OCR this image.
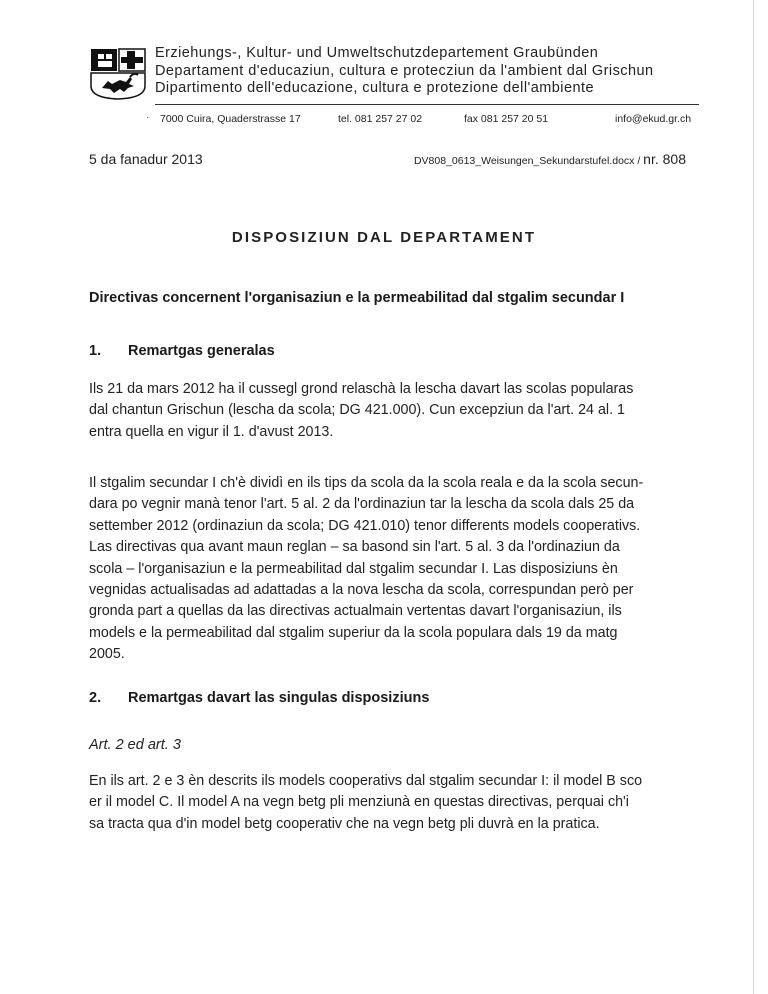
Erziehungs-, Kultur- und Umweltschutzdepartement Graubünden
Departament d'educaziun, cultura e protecziun da l'ambient dal Grischun
Dipartimento dell'educazione, cultura e protezione dell'ambiente
· 7000 Cuira, Quaderstrasse 17	tel. 081 257 27 02	fax 081 257 20 51	info@ekud.gr.ch
5 da fanadur 2013	DV808_0613_Weisungen_Sekundarstufel.docx / nr. 808
DISPOSIZIUN DAL DEPARTAMENT
Directivas concernent l'organisaziun e la permeabilitad dal stgalim secundar I
1. Remartgas generalas
Ils 21 da mars 2012 ha il cussegl grond relaschà la lescha davart las scolas popularas
dal chantun Grischun (lescha da scola; DG 421.000). Cun excepziun da l'art. 24 al. 1
entra quella en vigur il 1. d'avust 2013.
Il stgalim secundar I ch'è dividì en ils tips da scola da la scola reala e da la scola secun-
dara po vegnir manà tenor l'art. 5 al. 2 da l'ordinaziun tar la lescha da scola dals 25 da
settember 2012 (ordinaziun da scola; DG 421.010) tenor differents models cooperativs.
Las directivas qua avant maun reglan – sa basond sin l'art. 5 al. 3 da l'ordinaziun da
scola – l'organisaziun e la permeabilitad dal stgalim secundar I. Las disposiziuns èn
vegnidas actualisadas ad adattadas a la nova lescha da scola, correspundan però per
gronda part a quellas da las directivas actualmain vertentas davart l'organisaziun, ils
models e la permeabilitad dal stgalim superiur da la scola populara dals 19 da matg
2005.
2. Remartgas davart las singulas disposiziuns
Art. 2 ed art. 3
En ils art. 2 e 3 èn descrits ils models cooperativs dal stgalim secundar I: il model B sco
er il model C. Il model A na vegn betg pli menziunà en questas directivas, perquai ch'i
sa tracta qua d'in model betg cooperativ che na vegn betg pli duvrà en la pratica.
